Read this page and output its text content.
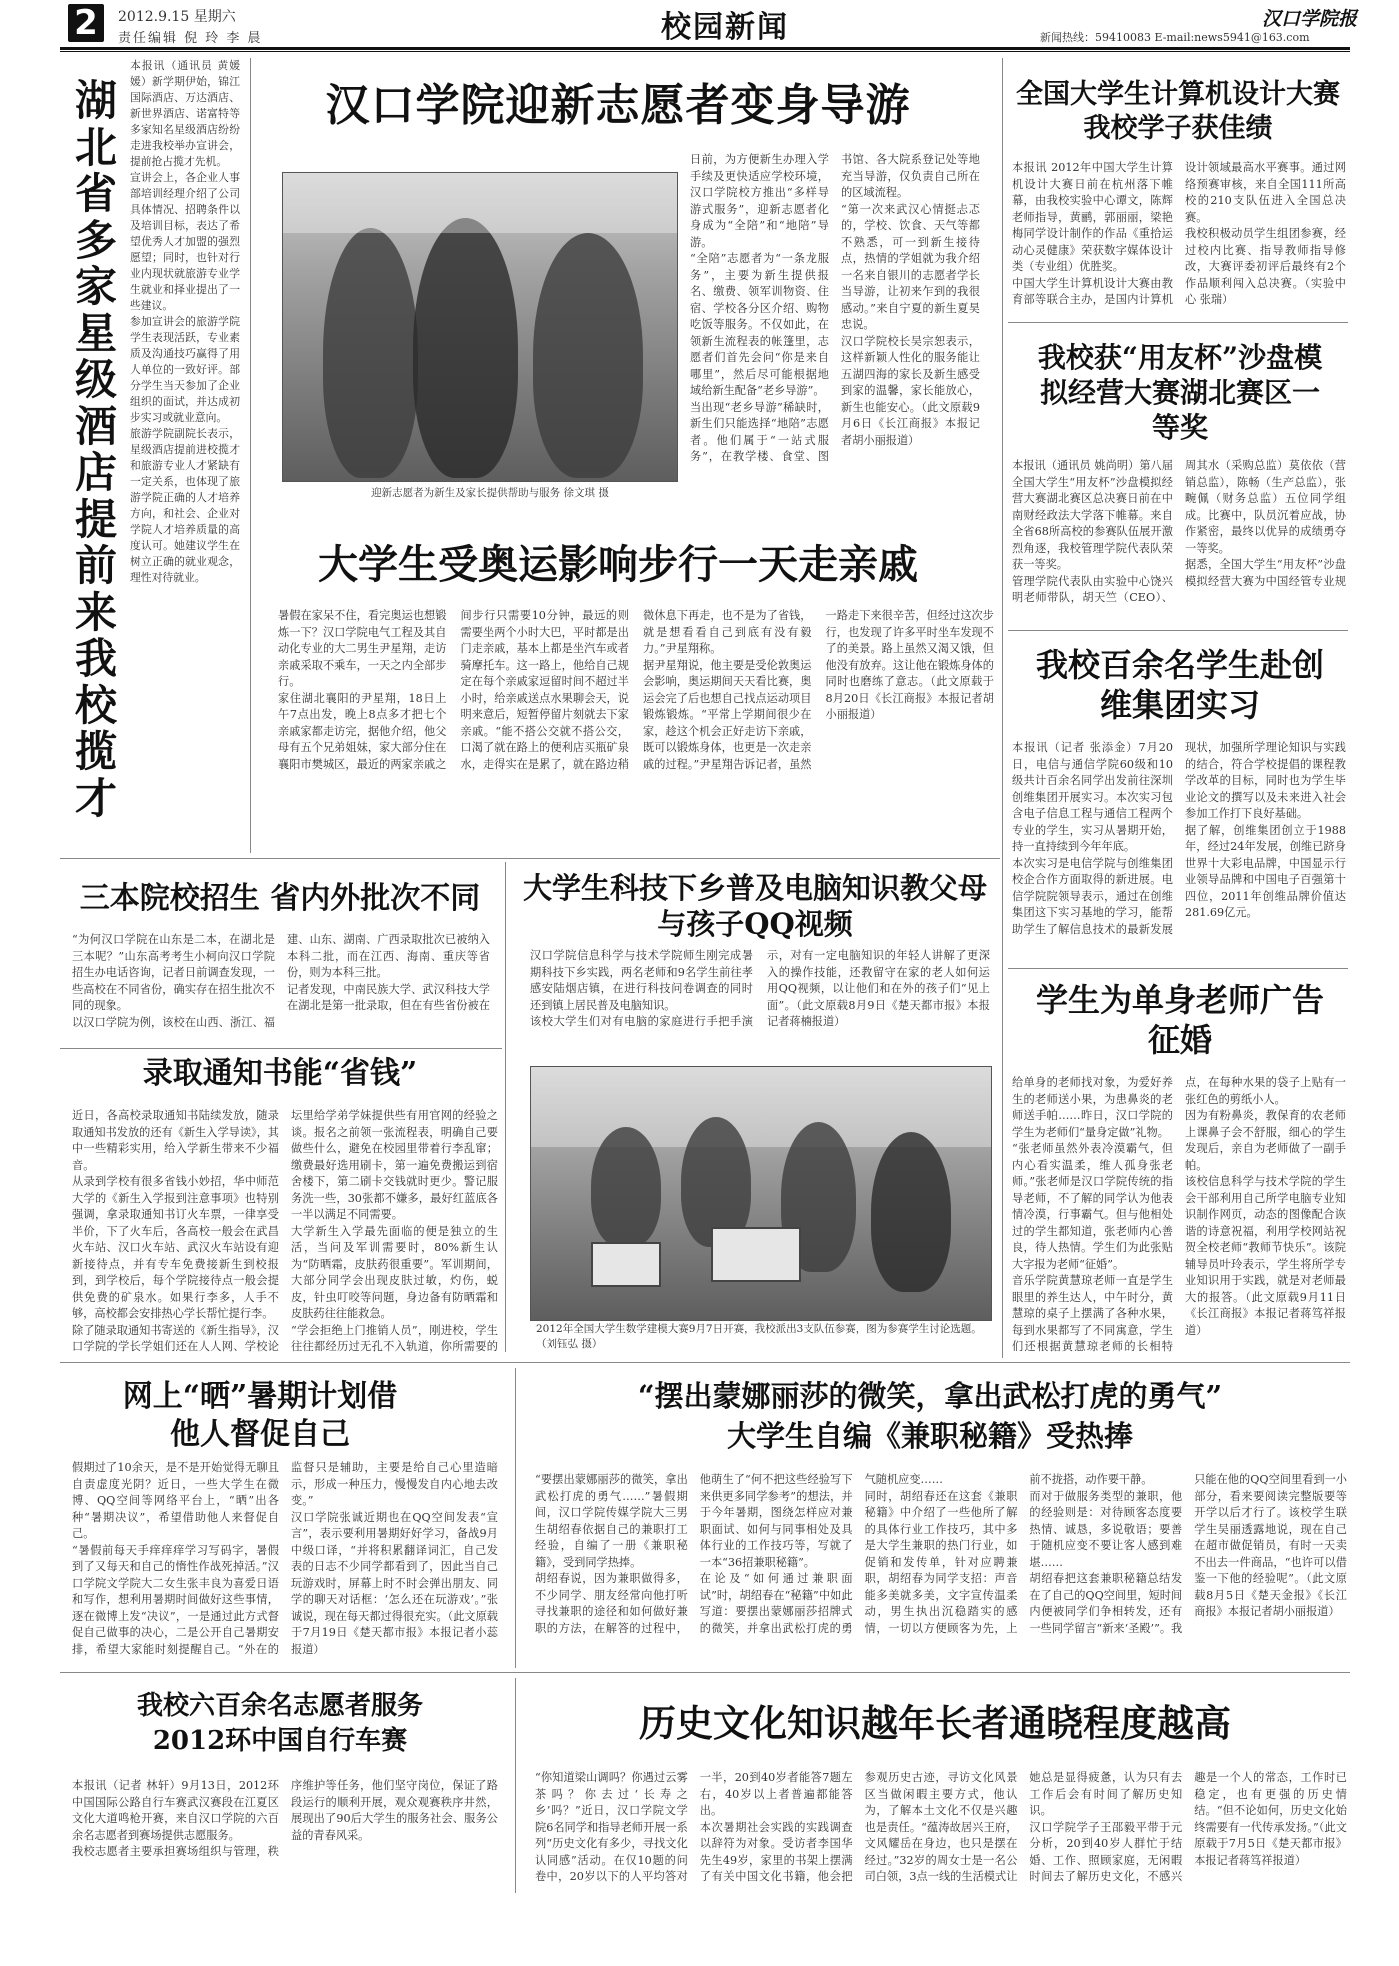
2	2012.9.15 星期六
责任编辑 倪 玲 李 晨	校园新闻	新闻热线：59410083 E-mail:news5941@163.com
汉口学院报
湖北省多家星级酒店提前来我校揽才
本报讯（通讯员 黄媛媛）新学期伊始，锦江国际酒店、万达酒店、新世界酒店、诺富特等多家知名星级酒店纷纷走进我校举办宣讲会，提前抢占揽才先机。
宣讲会上，各企业人事部培训经理介绍了公司具体情况、招聘条件以及培训目标，表达了希望优秀人才加盟的强烈愿望；同时，也针对行业内现状就旅游专业学生就业和择业提出了一些建议。
参加宣讲会的旅游学院学生表现活跃，专业素质及沟通技巧赢得了用人单位的一致好评。部分学生当天参加了企业组织的面试，并达成初步实习或就业意向。
旅游学院副院长表示，星级酒店提前进校揽才和旅游专业人才紧缺有一定关系，也体现了旅游学院正确的人才培养方向，和社会、企业对学院人才培养质量的高度认可。她建议学生在树立正确的就业观念，理性对待就业。
汉口学院迎新志愿者变身导游
迎新志愿者为新生及家长提供帮助与服务 徐文琪 摄
日前，为方便新生办理入学手续及更快适应学校环境，汉口学院校方推出“多样导游式服务”，迎新志愿者化身成为“全陪”和“地陪”导游。
“全陪”志愿者为“一条龙服务”，主要为新生提供报名、缴费、领军训物资、住宿、学校各分区介绍、购物吃饭等服务。不仅如此，在领新生流程表的帐篷里，志愿者们首先会问“你是来自哪里”，然后尽可能根据地域给新生配备“老乡导游”。
当出现“老乡导游”稀缺时，新生们只能选择“地陪”志愿者。他们属于“一站式服务”，在教学楼、食堂、图书馆、各大院系登记处等地充当导游，仅负责自己所在的区域流程。
“第一次来武汉心情挺忐忑的，学校、饮食、天气等都不熟悉，可一到新生接待点，热情的学姐就为我介绍一名来自银川的志愿者学长当导游，让初来乍到的我很感动。”来自宁夏的新生夏昊忠说。
汉口学院校长吴宗恕表示，这样新颖人性化的服务能让五湖四海的家长及新生感受到家的温馨，家长能放心，新生也能安心。（此文原载9月6日《长江商报》本报记者胡小丽报道）
大学生受奥运影响步行一天走亲戚
暑假在家呆不住，看完奥运也想锻炼一下？汉口学院电气工程及其自动化专业的大二男生尹星翔，走访亲戚采取不乘车，一天之内全部步行。
家住湖北襄阳的尹星翔，18日上午7点出发，晚上8点多才把七个亲戚家都走访完，据他介绍，他父母有五个兄弟姐妹，家大部分住在襄阳市樊城区，最近的两家亲戚之间步行只需要10分钟，最远的则需要坐两个小时大巴，平时都是出门走亲戚，基本上都是坐汽车或者骑摩托车。这一路上，他给自己规定在每个亲戚家逗留时间不超过半小时，给亲戚送点水果聊会天，说明来意后，短暂停留片刻就去下家亲戚。“能不搭公交就不搭公交，口渴了就在路上的便利店买瓶矿泉水，走得实在是累了，就在路边稍微休息下再走，也不是为了省钱，就是想看看自己到底有没有毅力。”尹星翔称。
据尹星翔说，他主要是受伦敦奥运会影响，奥运期间天天看比赛，奥运会完了后也想自己找点运动项目锻炼锻炼。“平常上学期间很少在家，趁这个机会正好走访下亲戚，既可以锻炼身体，也更是一次走亲戚的过程。”尹星翔告诉记者，虽然一路走下来很辛苦，但经过这次步行，也发现了许多平时坐车发现不了的美景。路上虽然又渴又饿，但他没有放弃。这让他在锻炼身体的同时也磨练了意志。（此文原载于8月20日《长江商报》本报记者胡小丽报道）
全国大学生计算机设计大赛我校学子获佳绩
本报讯 2012年中国大学生计算机设计大赛日前在杭州落下帷幕，由我校实验中心谭文，陈辉老师指导，黄鹂，郭丽丽，梁艳梅同学设计制作的作品《重拾运动心灵健康》荣获数字媒体设计类（专业组）优胜奖。
中国大学生计算机设计大赛由教育部等联合主办，是国内计算机设计领域最高水平赛事。通过网络预赛审核，来自全国111所高校的210支队伍进入全国总决赛。
我校积极动员学生组团参赛，经过校内比赛、指导教师指导修改，大赛评委初评后最终有2个作品顺利闯入总决赛。（实验中心 张瑞）
我校获“用友杯”沙盘模拟经营大赛湖北赛区一等奖
本报讯（通讯员 姚尚明）第八届全国大学生“用友杯”沙盘模拟经营大赛湖北赛区总决赛日前在中南财经政法大学落下帷幕。来自全省68所高校的参赛队伍展开激烈角逐，我校管理学院代表队荣获一等奖。
管理学院代表队由实验中心饶兴明老师带队，胡天竺（CEO）、周其水（采购总监）莫依依（营销总监），陈畅（生产总监），张畹佩（财务总监）五位同学组成。比赛中，队员沉着应战，协作紧密，最终以优异的成绩勇夺一等奖。
据悉，全国大学生“用友杯”沙盘模拟经营大赛为中国经管专业规
我校百余名学生赴创维集团实习
本报讯（记者 张添金）7月20日，电信与通信学院60级和10级共计百余名同学出发前往深圳创维集团开展实习。本次实习包含电子信息工程与通信工程两个专业的学生，实习从暑期开始，持一直持续到今年年底。
本次实习是电信学院与创维集团校企合作方面取得的新进展。电信学院院领导表示，通过在创维集团这下实习基地的学习，能帮助学生了解信息技术的最新发展现状，加强所学理论知识与实践的结合，符合学校提倡的课程教学改革的目标，同时也为学生毕业论文的撰写以及未来进入社会参加工作打下良好基础。
据了解，创维集团创立于1988年，经过24年发展，创维已跻身世界十大彩电品牌，中国显示行业领导品牌和中国电子百强第十四位，2011年创维品牌价值达281.69亿元。
学生为单身老师广告征婚
给单身的老师找对象，为爱好养生的老师送小果，为患鼻炎的老师送手帕……昨日，汉口学院的学生为老师们“量身定做”礼物。
“张老师虽然外表冷漠霸气，但内心看实温柔，维人孤身张老师。”张老师是汉口学院传统的指导老师，不了解的同学认为他表情冷漠，行事霸气。但与他相处过的学生都知道，张老师内心善良，待人热情。学生们为此张贴大字报为老师“征婚”。
音乐学院黄慧琼老师一直是学生眼里的养生达人，中午时分，黄慧琼的桌子上摆满了各种水果，每到水果都写了不同寓意，学生们还根据黄慧琼老师的长相特点，在每种水果的袋子上贴有一张红色的剪纸小人。
因为有粉鼻炎，教保育的农老师上课鼻子会不舒服，细心的学生发现后，亲自为老师做了一副手帕。
该校信息科学与技术学院的学生会干部利用自己所学电脑专业知识制作网页，动态的图像配合诙谐的诗意祝福，利用学校网站祝贺全校老师“教师节快乐”。该院辅导员叶玲表示，学生将所学专业知识用于实践，就是对老师最大的报答。（此文原载9月11日《长江商报》本报记者蒋笃祥报道）
三本院校招生 省内外批次不同
“为何汉口学院在山东是二本，在湖北是三本呢？”山东高考考生小柯向汉口学院招生办电话咨询，记者日前调查发现，一些高校在不同省份，确实存在招生批次不同的现象。
以汉口学院为例，该校在山西、浙江、福建、山东、湖南、广西录取批次已被纳入本科二批，而在江西、海南、重庆等省份，则为本科三批。
记者发现，中南民族大学、武汉科技大学在湖北是第一批录取，但在有些省份被在
大学生科技下乡普及电脑知识教父母与孩子QQ视频
汉口学院信息科学与技术学院师生刚完成暑期科技下乡实践，两名老师和9名学生前往孝感安陆烟店镇，在进行科技问卷调查的同时还到镇上居民普及电脑知识。
该校大学生们对有电脑的家庭进行手把手演示，对有一定电脑知识的年轻人讲解了更深入的操作技能，还教留守在家的老人如何运用QQ视频，以让他们和在外的孩子们“见上面”。（此文原载8月9日《楚天都市报》本报记者蒋楠报道）
2012年全国大学生数学建模大赛9月7日开赛，我校派出3支队伍参赛，图为参赛学生讨论选题。（刘钰弘 摄）
录取通知书能“省钱”
近日，各高校录取通知书陆续发放，随录取通知书发放的还有《新生入学导读》，其中一些精彩实用，给入学新生带来不少福音。
从录到学校有很多省钱小妙招，华中师范大学的《新生入学报到注意事项》也特别强调，拿录取通知书订火车票，一律享受半价，下了火车后，各高校一般会在武昌火车站、汉口火车站、武汉火车站设有迎新接待点，并有专车免费接新生到校报到，到学校后，每个学院接待点一般会提供免费的矿泉水。如果行李多，人手不够，高校都会安排热心学长帮忙提行李。
除了随录取通知书寄送的《新生指导》，汉口学院的学长学姐们还在人人网、学校论坛里给学弟学妹提供些有用官网的经验之谈。报名之前领一张流程表，明确自己要做些什么，避免在校园里带着行李乱窜；缴费最好选用刷卡，第一遍免费搬运到宿舍楼下，第二刷卡交钱就时更少。警记服务洗一些，30张都不嫌多，最好红蓝底各一半以满足不同需要。
大学新生入学最先面临的便是独立的生活，当问及军训需要时，80%新生认为“防晒霜，皮肤药很重要”。军训期间，大部分同学会出现皮肤过敏，灼伤，蜕皮，针虫叮咬等问题，身边备有防晒霜和皮肤药往往能救急。
“学会拒绝上门推销人员”，刚进校，学生往往都经历过无孔不入轨道，你所需要的
网上“晒”暑期计划借他人督促自己
假期过了10余天，是不是开始觉得无聊且自责虚度光阴？近日，一些大学生在微博、QQ空间等网络平台上，“晒”出各种“暑期决议”，希望借助他人来督促自己。
“暑假前每天手痒痒痒学习写码字，暑假到了又每天和自己的惰性作战死掉活。”汉口学院文学院大二女生张丰良为喜爱日语和写作，想利用暑期时间做好这些事情，逐在微博上发“决议”，一是通过此方式督促自己做事的决心，二是公开自己暑期安排，希望大家能时刻提醒自己。“外在的监督只是辅助，主要是给自己心里造暗示，形成一种压力，慢慢发自内心地去改变。”
汉口学院张诚近期也在QQ空间发表“宣言”，表示要利用暑期好好学习，备战9月中级口译，“并将积累翻译词汇，自己发表的日志不少同学都看到了，因此当自己玩游戏时，屏幕上时不时会弹出朋友、同学的聊天对话框：‘怎么还在玩游戏’。”张诚说，现在每天都过得很充实。（此文原载于7月19日《楚天都市报》本报记者小蕊报道）
“摆出蒙娜丽莎的微笑，拿出武松打虎的勇气”
大学生自编《兼职秘籍》受热捧
“要摆出蒙娜丽莎的微笑，拿出武松打虎的勇气……”暑假期间，汉口学院传媒学院大三男生胡绍春依据自己的兼职打工经验，自编了一册《兼职秘籍》，受到同学热捧。
胡绍春说，因为兼职做得多，不少同学、朋友经常向他打听寻找兼职的途径和如何做好兼职的方法，在解答的过程中，他萌生了“何不把这些经验写下来供更多同学参考”的想法，并于今年暑期，图绕怎样应对兼职面试、如何与同事相处及具体行业的工作技巧等，写就了一本“36招兼职秘籍”。
在论及“如何通过兼职面试”时，胡绍春在“秘籍”中如此写道：要摆出蒙娜丽莎招牌式的微笑，并拿出武松打虎的勇气随机应变……
同时，胡绍春还在这套《兼职秘籍》中介绍了一些他所了解的具体行业工作技巧，其中多是大学生兼职的热门行业，如促销和发传单，针对应聘兼职，胡绍春为同学支招：声音能多美就多美，文字宣传温柔动，男生执出沉稳踏实的感情，一切以方便顾客为先，上前不拢搭，动作要干静。
而对于做服务类型的兼职，他的经验则是：对待顾客态度要热情、诚恳，多说敬语；要善于随机应变不要让客人感到难堪……
胡绍春把这套兼职秘籍总结发在了自己的QQ空间里，短时间内便被同学们争相转发，还有一些同学留言“新来‘圣殿’”。我只能在他的QQ空间里看到一小部分，看来要阅读完整版要等开学以后才行了。该校学生联学生吴丽透露地说，现在自己在超市做促销员，有时一天卖不出去一件商品，“也许可以借鉴一下他的经验呢”。（此文原载8月5日《楚天金报》《长江商报》本报记者胡小丽报道）
我校六百余名志愿者服务
2012环中国自行车赛
本报讯（记者 林轩）9月13日，2012环中国国际公路自行车赛武汉赛段在江夏区文化大道鸣枪开赛，来自汉口学院的六百余名志愿者到赛场提供志愿服务。
我校志愿者主要承担赛场组织与管理，秩序维护等任务，他们坚守岗位，保证了路段运行的顺利开展，观众观赛秩序井然，展现出了90后大学生的服务社会、服务公益的青春风采。
历史文化知识越年长者通晓程度越高
“你知道梁山调吗？你遇过云雾茶吗？你去过‘长寿之乡’吗？”近日，汉口学院文学院6名同学和指导老师开展一系列“历史文化有多少，寻找文化认同感”活动。在仅10题的问卷中，20岁以下的人平均答对一半，20到40岁者能答7题左右，40岁以上者普遍都能答出。
本次暑期社会实践的实践调查以辞符为对象。受访者李国华先生49岁，家里的书架上摆满了有关中国文化书籍，他会把参观历史古迹，寻访文化风景区当做闲暇主要方式，他认为，了解本土文化不仅是兴趣也是责任。“蕴涛故居兴王府，文风耀岳在身边，也只是摆在经过。”32岁的周女士是一名公司白领，3点一线的生活模式让她总是显得疲惫，认为只有去工作后会有时间了解历史知识。
汉口学院学子王邵毅平带于元分析，20到40岁人群忙于结婚、工作、照顾家庭，无闲暇时间去了解历史文化，不感兴趣是一个人的常态，工作时已稳定，也有更强的历史情结。“但不论如何，历史文化始终需要有一代传承发扬。”（此文原载于7月5日《楚天都市报》本报记者蒋笃祥报道）
